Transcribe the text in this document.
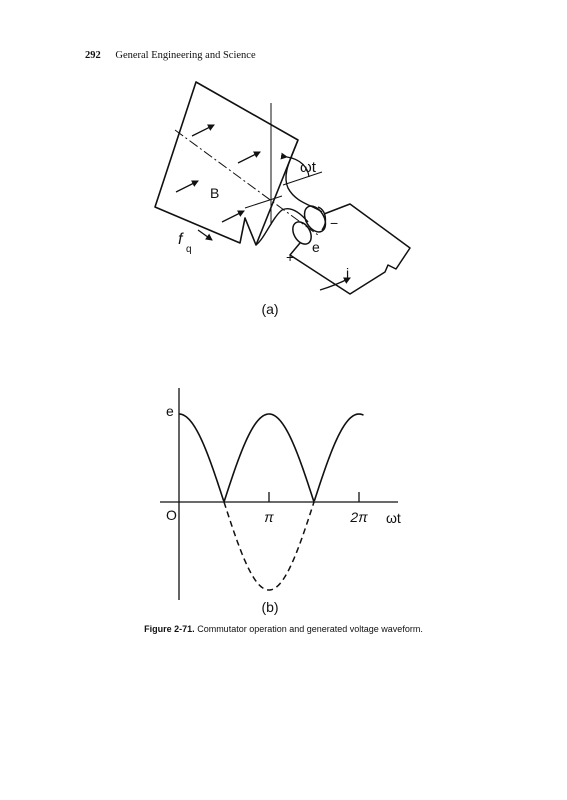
292 General Engineering and Science
ωt
B
f
q
−
+
e
i
(a)
e
O	π	2π ωt
(b)
Figure 2-71. Commutator operation and generated voltage waveform.
